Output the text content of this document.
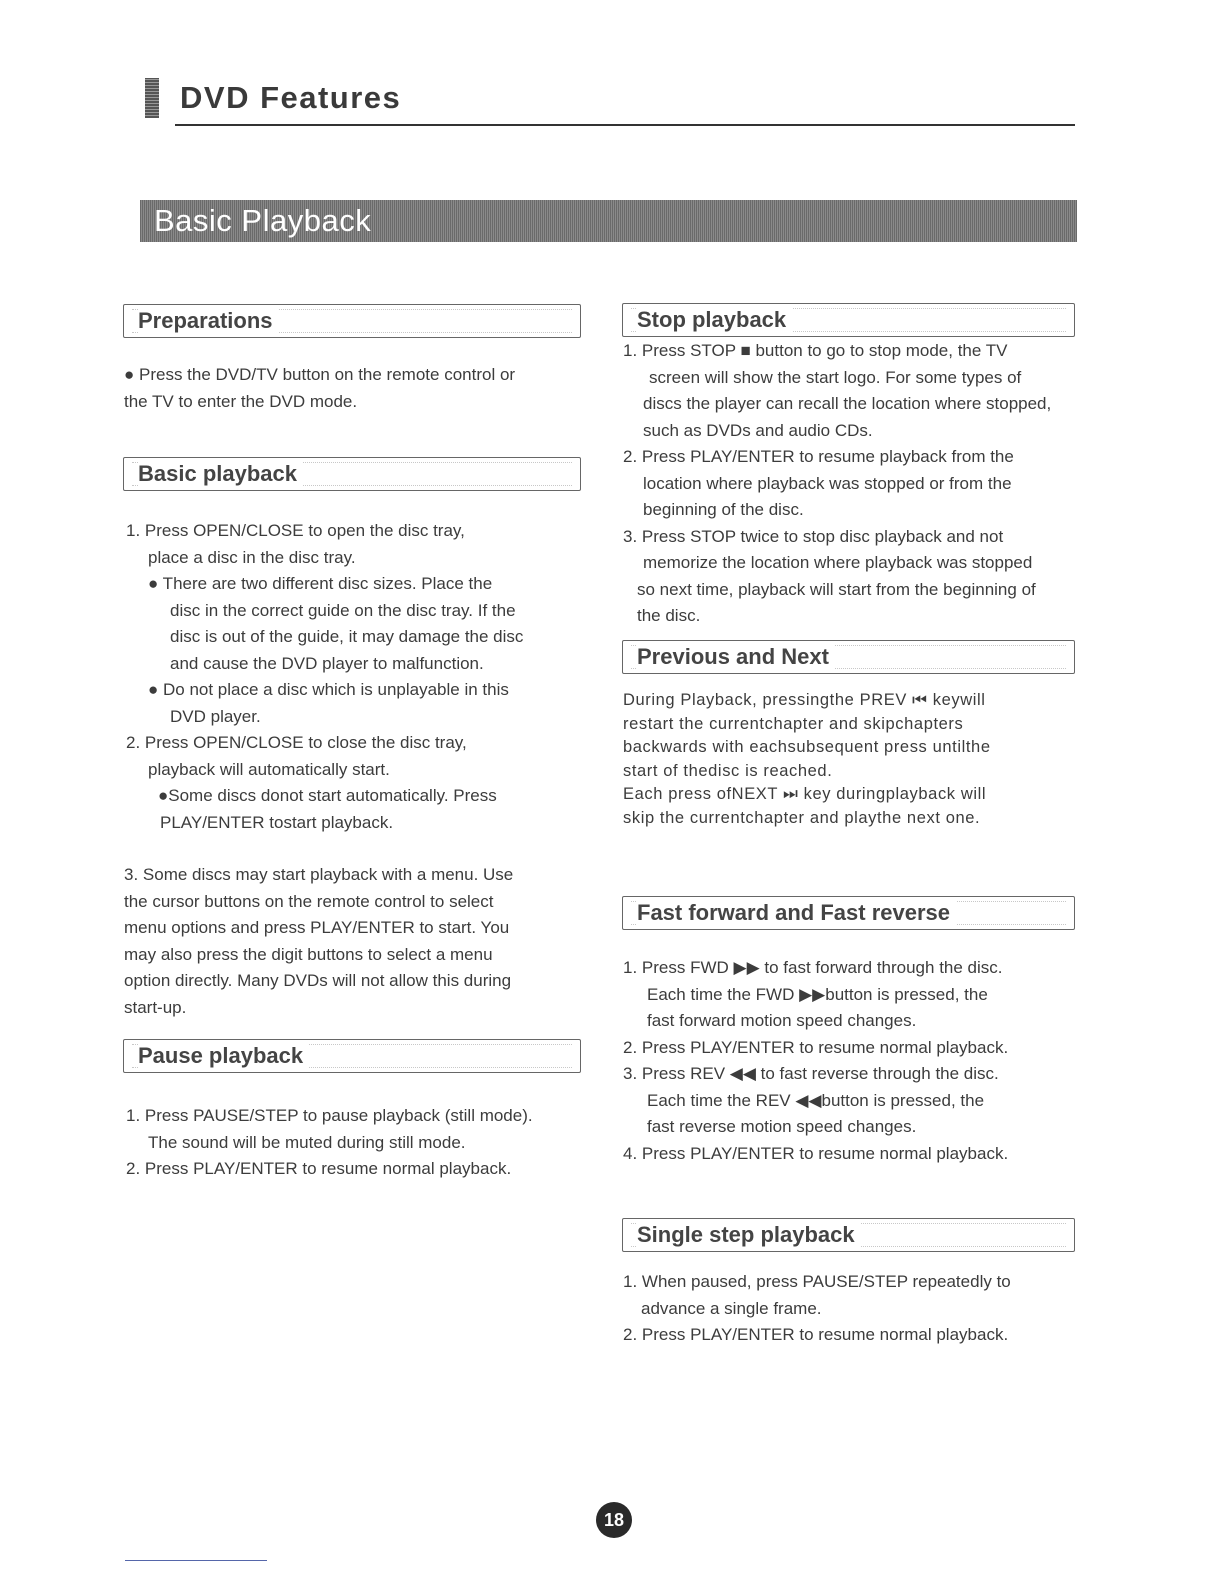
DVD Features
Basic Playback
Preparations

● Press the DVD/TV button on the remote control or

the TV to enter the DVD mode.

Basic playback

1. Press OPEN/CLOSE to open the disc tray,

place a disc in the disc tray.

● There are two different disc sizes. Place the

disc in the correct guide on the disc tray. If the

disc is out of the guide, it may damage the disc

and cause the DVD player to malfunction.

● Do not place a disc which is unplayable in this

DVD player.

2. Press OPEN/CLOSE to close the disc tray,

playback will automatically start.

●Some discs donot start automatically. Press

PLAY/ENTER tostart playback.

3. Some discs may start playback with a menu. Use

the cursor buttons on the remote control to select

menu options and press PLAY/ENTER to start. You

may also press the digit buttons to select a menu

option directly. Many DVDs will not allow this during

start-up.

Pause playback

1. Press PAUSE/STEP to pause playback (still mode).

The sound will be muted during still mode.

2. Press PLAY/ENTER to resume normal playback.

Stop playback

1. Press STOP ■ button to go to stop mode, the TV

screen will show the start logo. For some types of

discs the player can recall the location where stopped,

such as DVDs and audio CDs.

2. Press PLAY/ENTER to resume playback from the

location where playback was stopped or from the

beginning of the disc.

3. Press STOP twice to stop disc playback and not

memorize the location where playback was stopped

so next time, playback will start from the beginning of

the disc.

Previous and Next

During Playback, pressingthe PREV ⏮ keywill

restart the currentchapter and skipchapters

backwards with eachsubsequent press untilthe

start of thedisc is reached.

Each press ofNEXT ⏭ key duringplayback will

skip the currentchapter and playthe next one.

Fast forward and Fast reverse

1. Press FWD ▶▶ to fast forward through the disc.

Each time the FWD ▶▶button is pressed, the

fast forward motion speed changes.

2. Press PLAY/ENTER to resume normal playback.

3. Press REV ◀◀ to fast reverse through the disc.

Each time the REV ◀◀button is pressed, the

fast reverse motion speed changes.

4. Press PLAY/ENTER to resume normal playback.

Single step playback

1. When paused, press PAUSE/STEP repeatedly to

advance a single frame.

2. Press PLAY/ENTER to resume normal playback.

18
